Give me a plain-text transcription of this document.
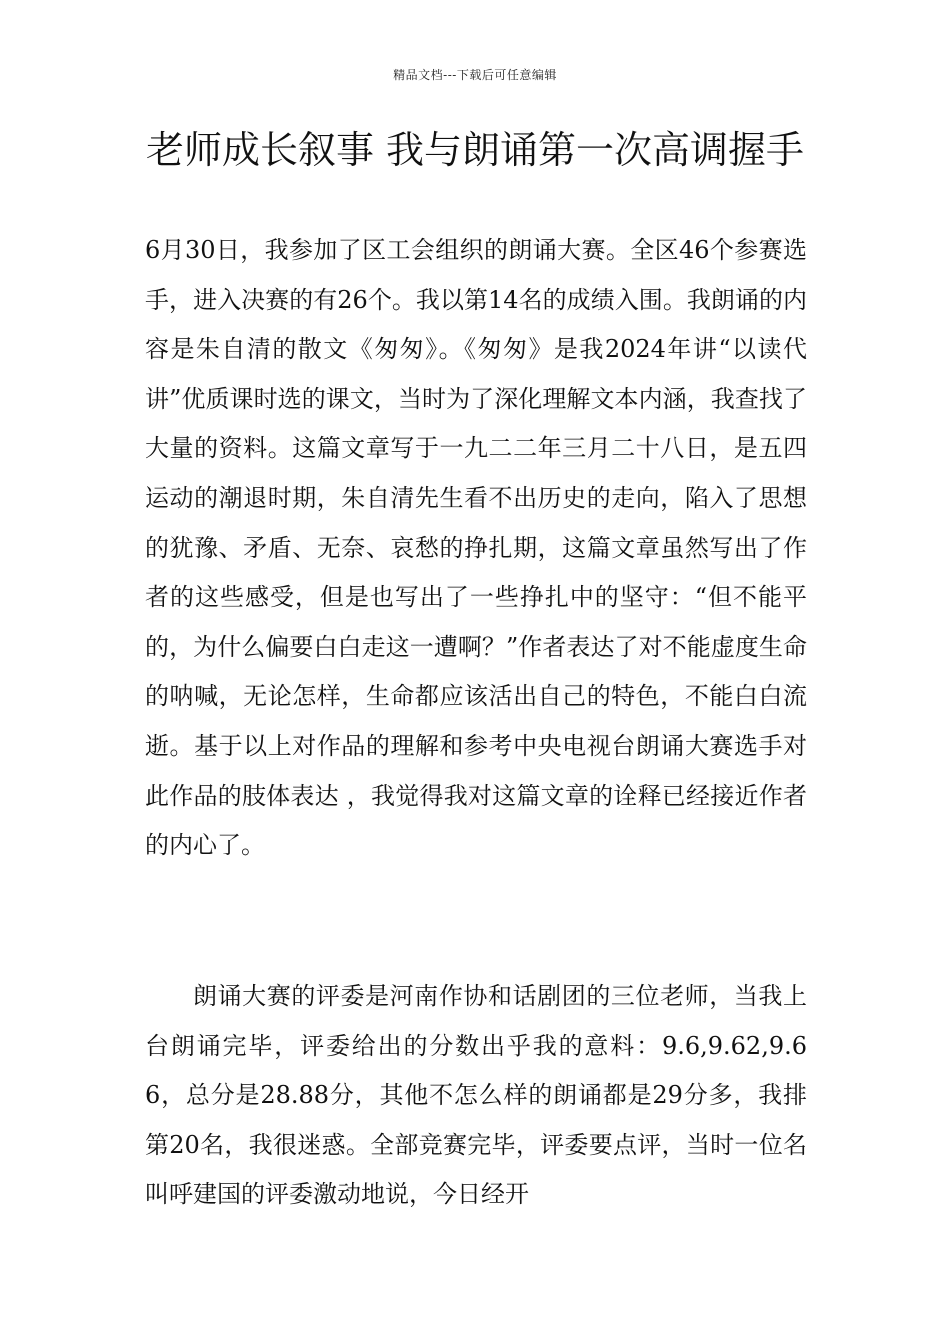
精品文档---下载后可任意编辑
老师成长叙事 我与朗诵第一次高调握手

6月30日，我参加了区工会组织的朗诵大赛。全区46个参赛选手，进入决赛的有26个。我以第14名的成绩入围。我朗诵的内容是朱自清的散文《匆匆》。《匆匆》是我2024年讲“以读代讲”优质课时选的课文，当时为了深化理解文本内涵，我查找了大量的资料。这篇文章写于一九二二年三月二十八日，是五四运动的潮退时期，朱自清先生看不出历史的走向，陷入了思想的犹豫、矛盾、无奈、哀愁的挣扎期，这篇文章虽然写出了作者的这些感受，但是也写出了一些挣扎中的坚守：“但不能平的，为什么偏要白白走这一遭啊？”作者表达了对不能虚度生命的呐喊，无论怎样，生命都应该活出自己的特色，不能白白流逝。基于以上对作品的理解和参考中央电视台朗诵大赛选手对此作品的肢体表达 ，我觉得我对这篇文章的诠释已经接近作者的内心了。

朗诵大赛的评委是河南作协和话剧团的三位老师，当我上台朗诵完毕，评委给出的分数出乎我的意料：9.6,9.62,9.66，总分是28.88分，其他不怎么样的朗诵都是29分多，我排第20名，我很迷惑。全部竞赛完毕，评委要点评，当时一位名叫呼建国的评委激动地说，今日经开
